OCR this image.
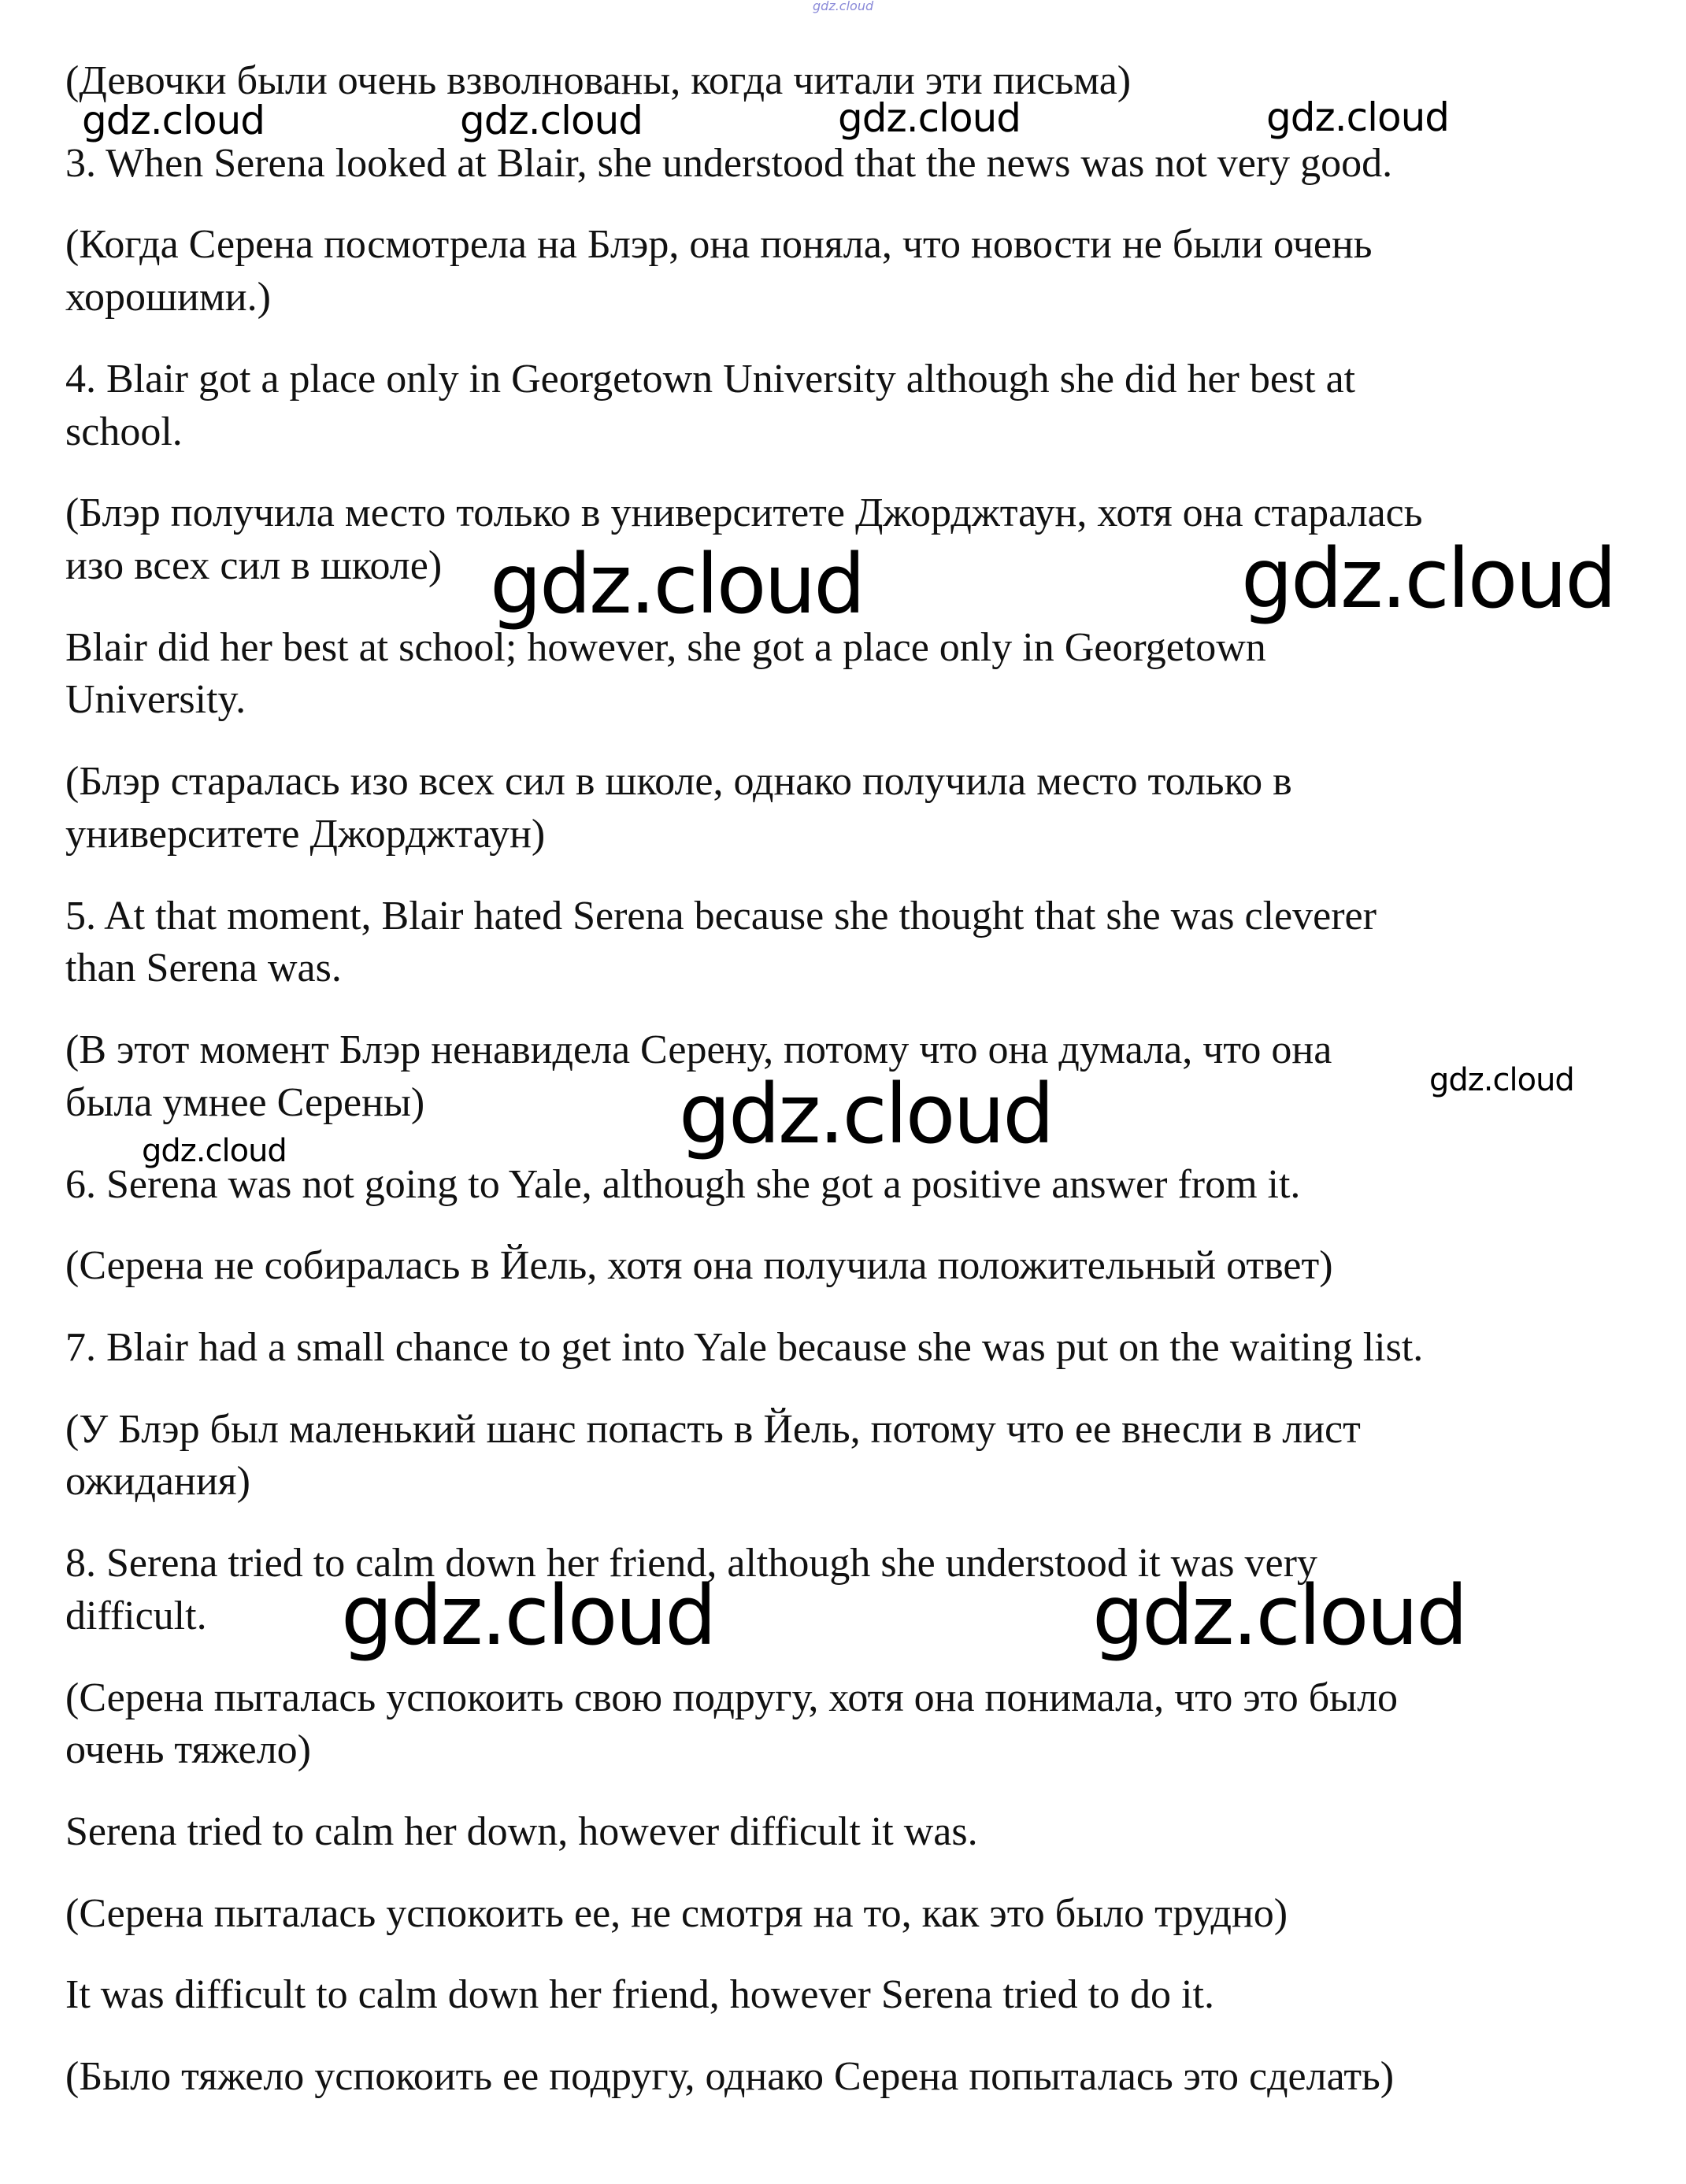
gdz.cloud
(Девочки были очень взволнованы, когда читали эти письма)
3. When Serena looked at Blair, she understood that the news was not very good.
(Когда Серена посмотрела на Блэр, она поняла, что новости не были очень
хорошими.)
4. Blair got a place only in Georgetown University although she did her best at
school.
(Блэр получила место только в университете Джорджтаун, хотя она старалась
изо всех сил в школе)
Blair did her best at school; however, she got a place only in Georgetown
University.
(Блэр старалась изо всех сил в школе, однако получила место только в
университете Джорджтаун)
5. At that moment, Blair hated Serena because she thought that she was cleverer
than Serena was.
(В этот момент Блэр ненавидела Серену, потому что она думала, что она
была умнее Серены)
6. Serena was not going to Yale, although she got a positive answer from it.
(Серена не собиралась в Йель, хотя она получила положительный ответ)
7. Blair had a small chance to get into Yale because she was put on the waiting list.
(У Блэр был маленький шанс попасть в Йель, потому что ее внесли в лист
ожидания)
8. Serena tried to calm down her friend, although she understood it was very
difficult.
(Серена пыталась успокоить свою подругу, хотя она понимала, что это было
очень тяжело)
Serena tried to calm her down, however difficult it was.
(Серена пыталась успокоить ее, не смотря на то, как это было трудно)
It was difficult to calm down her friend, however Serena tried to do it.
(Было тяжело успокоить ее подругу, однако Серена попыталась это сделать)
gdz.cloud	gdz.cloud	gdz.cloud	gdz.cloud
gdz.cloud	gdz.cloud
gdz.cloud
gdz.cloud
gdz.cloud
gdz.cloud	gdz.cloud
